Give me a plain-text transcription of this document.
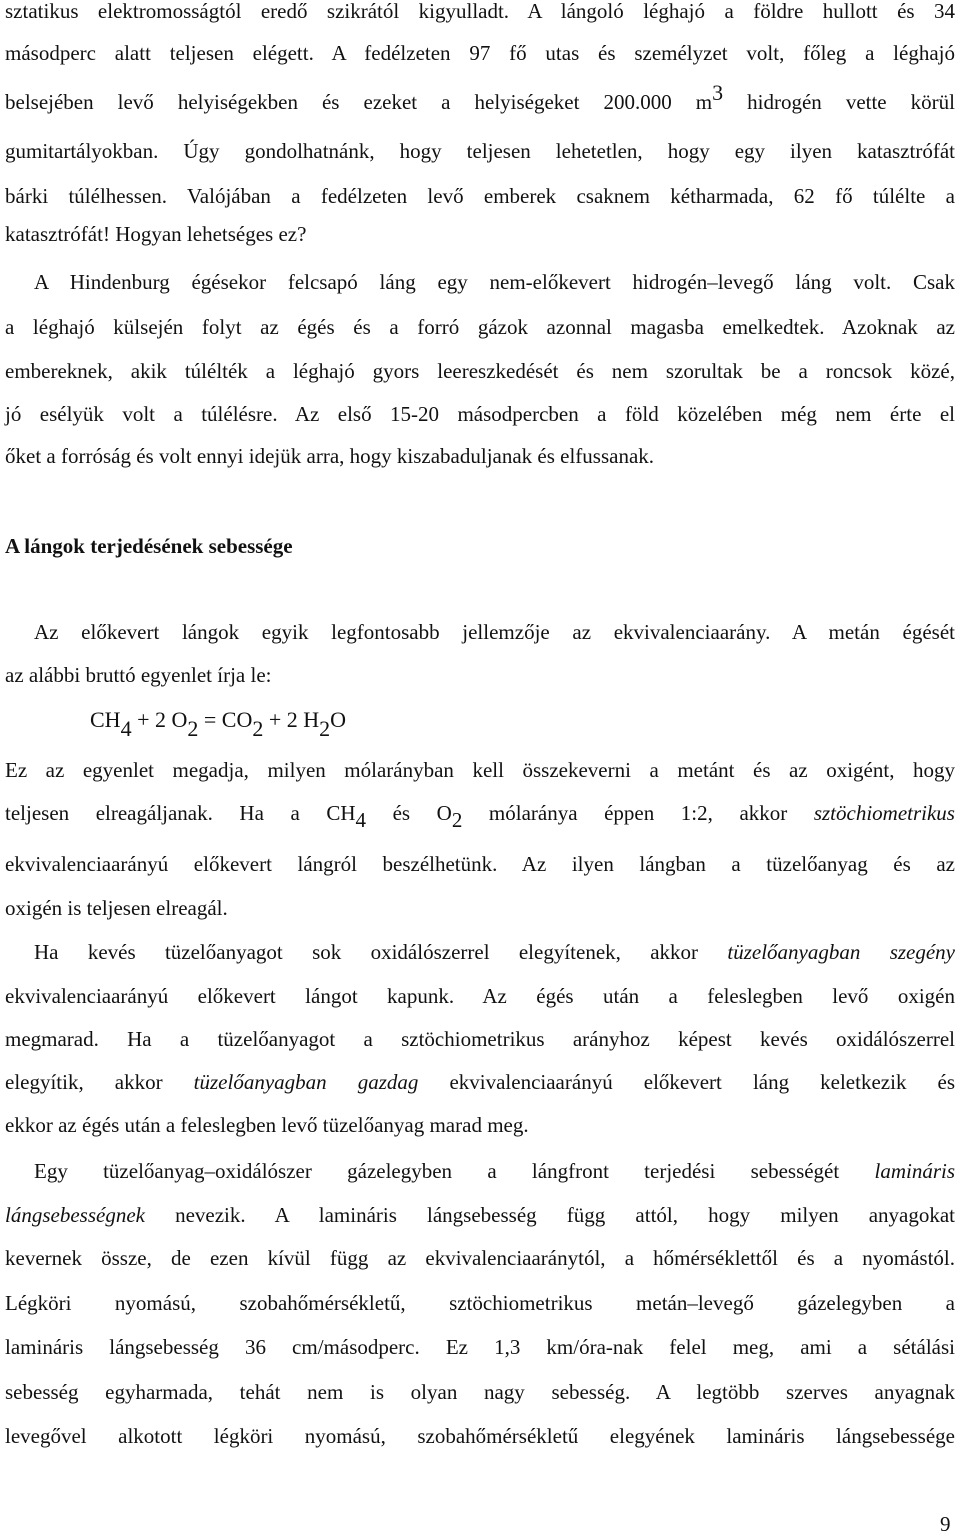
sztatikus elektromosságtól eredő szikrától kigyulladt. A lángoló léghajó a földre hullott és 34
másodperc alatt teljesen elégett. A fedélzeten 97 fő utas és személyzet volt, főleg a léghajó
belsejében levő helyiségekben és ezeket a helyiségeket 200.000 m3 hidrogén vette körül
gumitartályokban. Úgy gondolhatnánk, hogy teljesen lehetetlen, hogy egy ilyen katasztrófát
bárki túlélhessen. Valójában a fedélzeten levő emberek csaknem kétharmada, 62 fő túlélte a
katasztrófát! Hogyan lehetséges ez?
A Hindenburg égésekor felcsapó láng egy nem-előkevert hidrogén–levegő láng volt. Csak
a léghajó külsején folyt az égés és a forró gázok azonnal magasba emelkedtek. Azoknak az
embereknek, akik túlélték a léghajó gyors leereszkedését és nem szorultak be a roncsok közé,
jó esélyük volt a túlélésre. Az első 15-20 másodpercben a föld közelében még nem érte el
őket a forróság és volt ennyi idejük arra, hogy kiszabaduljanak és elfussanak.
A lángok terjedésének sebessége
Az előkevert lángok egyik legfontosabb jellemzője az ekvivalenciaarány. A metán égését
az alábbi bruttó egyenlet írja le:
CH4 + 2 O2 = CO2 + 2 H2O
Ez az egyenlet megadja, milyen mólarányban kell összekeverni a metánt és az oxigént, hogy
teljesen elreagáljanak. Ha a CH4 és O2 mólaránya éppen 1:2, akkor sztöchiometrikus
ekvivalenciaarányú előkevert lángról beszélhetünk. Az ilyen lángban a tüzelőanyag és az
oxigén is teljesen elreagál.
Ha kevés tüzelőanyagot sok oxidálószerrel elegyítenek, akkor tüzelőanyagban szegény
ekvivalenciaarányú előkevert lángot kapunk. Az égés után a feleslegben levő oxigén
megmarad. Ha a tüzelőanyagot a sztöchiometrikus arányhoz képest kevés oxidálószerrel
elegyítik, akkor tüzelőanyagban gazdag ekvivalenciaarányú előkevert láng keletkezik és
ekkor az égés után a feleslegben levő tüzelőanyag marad meg.
Egy tüzelőanyag–oxidálószer gázelegyben a lángfront terjedési sebességét lamináris
lángsebességnek nevezik. A lamináris lángsebesség függ attól, hogy milyen anyagokat
kevernek össze, de ezen kívül függ az ekvivalenciaaránytól, a hőmérséklettől és a nyomástól.
Légköri nyomású, szobahőmérsékletű, sztöchiometrikus metán–levegő gázelegyben a
lamináris lángsebesség 36 cm/másodperc. Ez 1,3 km/óra-nak felel meg, ami a sétálási
sebesség egyharmada, tehát nem is olyan nagy sebesség. A legtöbb szerves anyagnak
levegővel alkotott légköri nyomású, szobahőmérsékletű elegyének lamináris lángsebessége
9
